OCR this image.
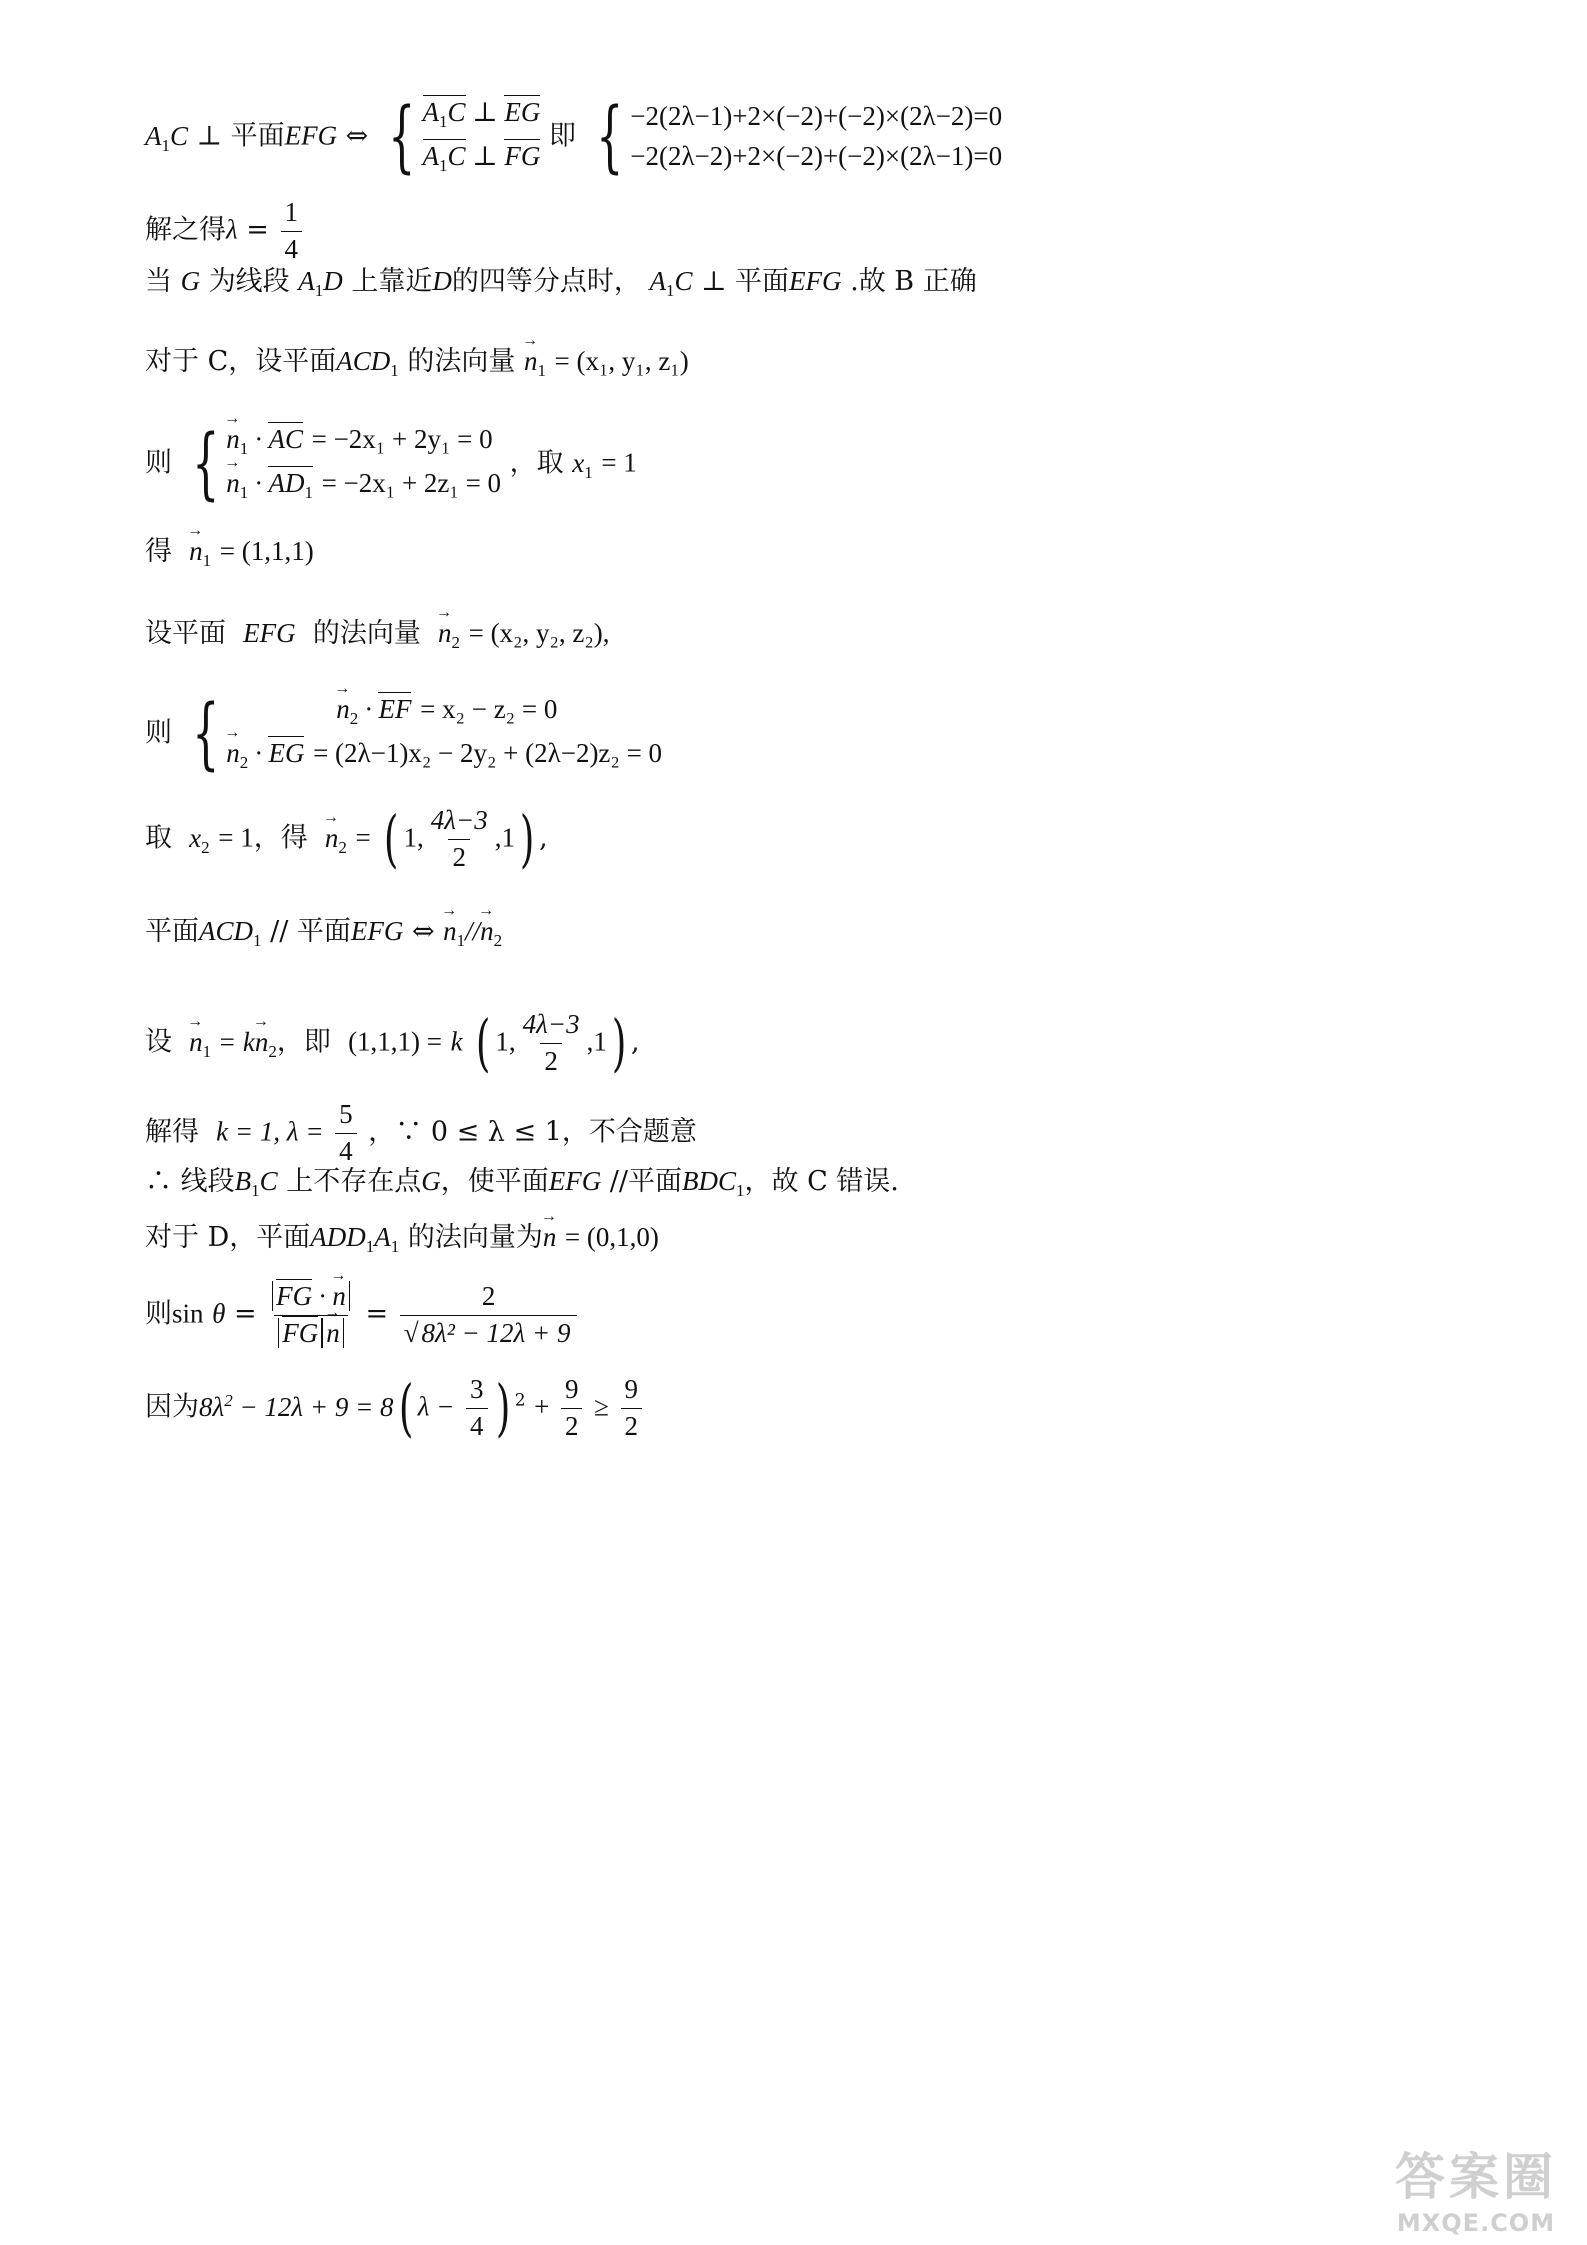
$A_1C$ ⊥ 平面EFG ⇔ { $A_1C$ ⊥ EG
$A_1C$ ⊥ FG
即 { −2(2λ−1)+2×(−2)+(−2)×(2λ−2)=0
−2(2λ−2)+2×(−2)+(−2)×(2λ−1)=0
解之得$\lambda = \frac{1}{4}$
当 G 为线段 $A_1D$ 上靠近D的四等分点时， $A_1C$ ⊥ 平面EFG .故 B 正确
对于 C，设平面$ACD_1$ 的法向量 → $n_1 = (x_1$, y₁, z₁)
则 { → $n_1$ · AC = −2x₁ + 2y₁ = 0
→ $n_1 \cdot AD_1 = -2x_1 + 2z_1 = 0$
，取 $x_1 = 1$
得 → $n_1 = (1,1,1)$
设平面 EFG 的法向量 → $n_2 = (x_2$, y₂, z₂),
则 {	→ $n_2$ · EF = x₂ − z₂ = 0
→ $n_2$ · EG = (2λ−1)x₂ − 2y₂ + (2λ−2)z₂ = 0
取 $x_2 = 1$，得 → $n_2$ = ( 1, $\frac{4\lambda-3}{2} ,1$) ,
平面$ACD_1$ // 平面EFG ⇔ → $n_1//\to n_2$
设 → $n_1 = k\to n_2$，即 (1,1,1) = k ( 1, $\frac{4\lambda-3}{2} ,1$) ,
解得 k = 1, $\lambda = \frac{5}{4}$ ，∵ 0 ≤ λ ≤ 1，不合题意
∴ 线段$B_1C$ 上不存在点G，使平面EFG //平面$BDC_1$，故 C 错误.
对于 D，平面$ADD_1A_1$ 的法向量为→ n = (0,1,0)
则$\sin \theta = \frac{FG \cdot \to n}{FG \to n} = \frac{2}{\text{√ 8λ² − 12λ + 9}}$
因为$8\lambda^2 - 12\lambda + 9 = 8$( $\lambda - \frac{3}{4}$ ) $^2 + \frac{9}{2} \ge \frac{9}{2}$
答案圈
MXQE.COM
